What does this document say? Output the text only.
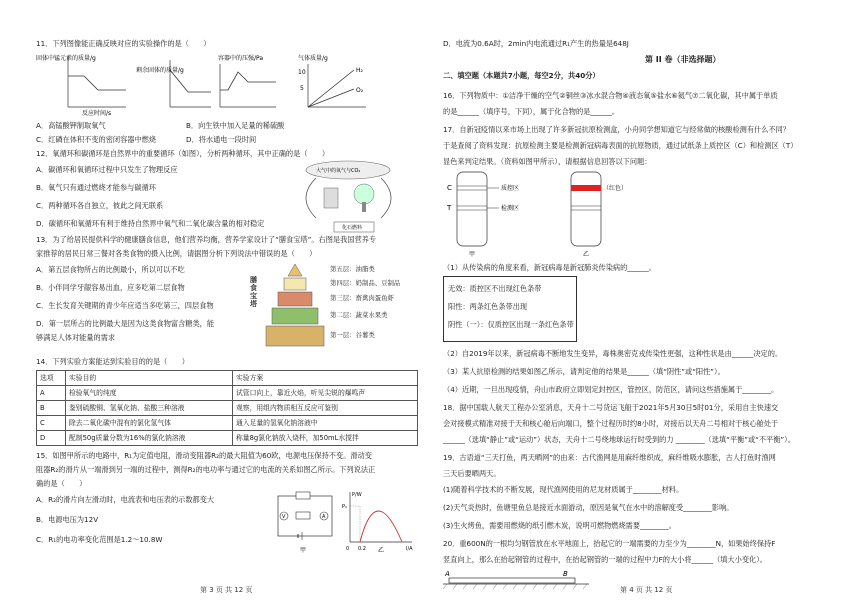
11．下列图像能正确反映对应的实验操作的是（　　）
固体中锰元素的质量/g
反应时间/s
剩余固体的质量/g
容器中的压强/Pa	气体质量/g
10
5
H₂
O₂
A．高锰酸钾制取氧气	B．向生铁中加入足量的稀硫酸
C．红磷在体积不变的密闭容器中燃烧	D．将水通电一段时间
12．氧循环和碳循环是自然界中的重要循环（如图），分析两种循环，其中正确的是（　　）
A．碳循环和氧循环过程中只发生了物理反应
B．氧气只有通过燃烧才能参与碳循环
C．两种循环各自独立，彼此之间无联系
D．碳循环和氧循环有利于维持自然界中氧气和二氧化碳含量的相对稳定
大气中的氧气与CO₂
化石燃料
13．为了给居民提供科学的健康膳食信息，他们营养均衡，营养学家设计了“膳食宝塔”。右图是我国营养专
家推荐的居民日常三餐对各类食物的摄入比例，请据图分析下列说法中错误的是（　　）
A．第五层食物所占的比例最小，所以可以不吃
B．小伴同学牙龈容易出血，应多吃第二层食物
C．生长发育关键期的青少年应适当多吃第三，四层食物
D．第一层所占的比例最大是因为这类食物富含糖类，能
够满足人体对能量的需求
膳食宝塔
第五层：油脂类
第四层：奶制品、豆制品
第三层：畜禽肉蛋鱼虾
第二层：蔬菜水果类
第一层：谷薯类
14．下列实验方案能达到实验目的的是（　　）
选项	实验目的	实验方案
A	检验氧气的纯度	试管口向上，靠近火焰，听见尖锐的爆鸣声
B	鉴别硫酸铜、氢氧化钠、盐酸三种溶液	观察，用组内物质相互反应可鉴别
C	除去二氧化碳中混有的氯化氢气体	通入足量的氢氧化钠溶液中
D	配制50g质量分数为16%的氯化钠溶液	称量8g氯化钠放入烧杯，加50mL水搅拌
15．如图甲所示的电路中，R₁为定值电阻，滑动变阻器R₂的最大阻值为60欧，电源电压保持不变。滑动变
阻器R₂的滑片从一端滑到另一端的过程中，测得R₂的电功率与通过它的电流的关系如图乙所示。下列说法正
确的是（　　）
A．R₂的滑片向左滑动时，电流表和电压表的示数都变大
B．电源电压为12V
C．R₁的电功率变化范围是1.2～10.8W
V	A
甲
P/W
I/A
0 0.2
P₁
乙
第 3 页 共 12 页
D．电流为0.6A时，2min内电流通过R₁产生的热量是648J
第 II 卷（非选择题）
二、填空题（本题共7小题，每空2分，共40分）
16．下列物质中：①洁净干燥的空气②铜丝③冰水混合物④液态氧⑤盐水⑥氦气⑦二氧化碳，其中属于单质
的是______（填序号，下同），属于化合物的是______。
17．自新冠疫情以来市场上出现了许多新冠抗原检测盒，小舟同学想知道它与经常做的核酸检测有什么不同？
于是查阅了资料发现：抗原检测主要是检测新冠病毒表面的抗原物质，通过试纸条上质控区（C）和检测区（T）
显色来判定结果。（资料如图甲所示），请根据信息回答以下问题：
C
T
质控区
检测区
甲
（红色）
乙
（1）从传染病的角度来看，新冠病毒是新冠肺炎传染病的______。
无效：质控区不出现红色条带
阳性：两条红色条带出现
阴性（一）：仅质控区出现一条红色条带
（2）自2019年以来，新冠病毒不断地发生变异，毒株奥密克戎传染性更强，这种性状是由______决定的。
（3）某人抗原检测的结果如图乙所示，请判定他的结果是______（填“阴性”或“阳性”）。
（4）近期，一旦出现疫情，舟山市政府立即划定封控区，管控区，防范区，请问这些措施属于________。
18．据中国载人航天工程办公室消息，天舟十二号货运飞船于2021年5月30日5时01分，采用自主快速交
会对接模式精准对接于天和核心舱后向端口，整个过程历时约8小时，对接后以天舟二号相对于核心舱处于
______（选填“静止”或“运动”）状态，天舟十二号绕地球运行时受到的力 ________（选填“平衡”或“不平衡”）。
19．古语道“三天打鱼，两天晒网”的由来：古代渔网是用麻纤维织成，麻纤维吸水膨胀，古人打鱼时渔网
三天后要晒两天。
(1)随着科学技术的不断发展，现代渔网使用的尼龙材质属于________材料。
(2)天气炎热时，鱼塘里鱼总是接近水面游动，原因是氧气在水中的溶解度受________影响。
(3)生火烤鱼，需要用燃烧的纸引燃木炭，说明可燃物燃烧需要________。
20．重600N的一根均匀钢管放在水平地面上，抬起它的一端需要的力至少为________N，如果始终保持F
竖直向上，那么在抬起钢管的过程中，在抬起钢管的一端的过程中力F的大小将______（填大小变化）。
A	B
第 4 页 共 12 页
